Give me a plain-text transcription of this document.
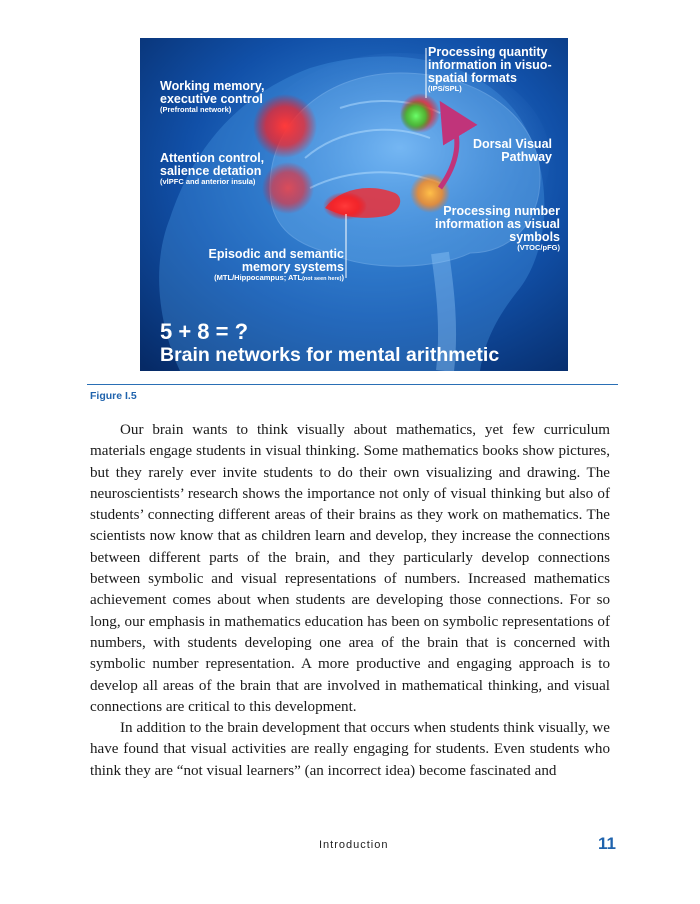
Processing quantity information in visuo-spatial formats
(IPS/SPL)
Working memory, executive control
(Prefrontal network)
Attention control, salience detation
(vlPFC and anterior insula)
Dorsal Visual Pathway
Processing number information as visual symbols
(VTOC/pFG)
Episodic and semantic memory systems
(MTL/Hippocampus; ATL(not seen here))
5 + 8 = ?
Brain networks for mental arithmetic
Figure I.5

Our brain wants to think visually about mathematics, yet few curriculum materials engage students in visual thinking. Some mathematics books show pictures, but they rarely ever invite students to do their own visualizing and drawing. The neuroscientists’ research shows the importance not only of visual thinking but also of students’ connecting different areas of their brains as they work on mathematics. The scientists now know that as children learn and develop, they increase the connections between different parts of the brain, and they particularly develop connections between symbolic and visual representations of numbers. Increased mathematics achievement comes about when students are developing those connections. For so long, our emphasis in mathematics education has been on symbolic representations of numbers, with students developing one area of the brain that is concerned with symbolic number representation. A more productive and engaging approach is to develop all areas of the brain that are involved in mathematical thinking, and visual connections are critical to this development.

In addition to the brain development that occurs when students think visually, we have found that visual activities are really engaging for students. Even students who think they are “not visual learners” (an incorrect idea) become fascinated and

Introduction	11
